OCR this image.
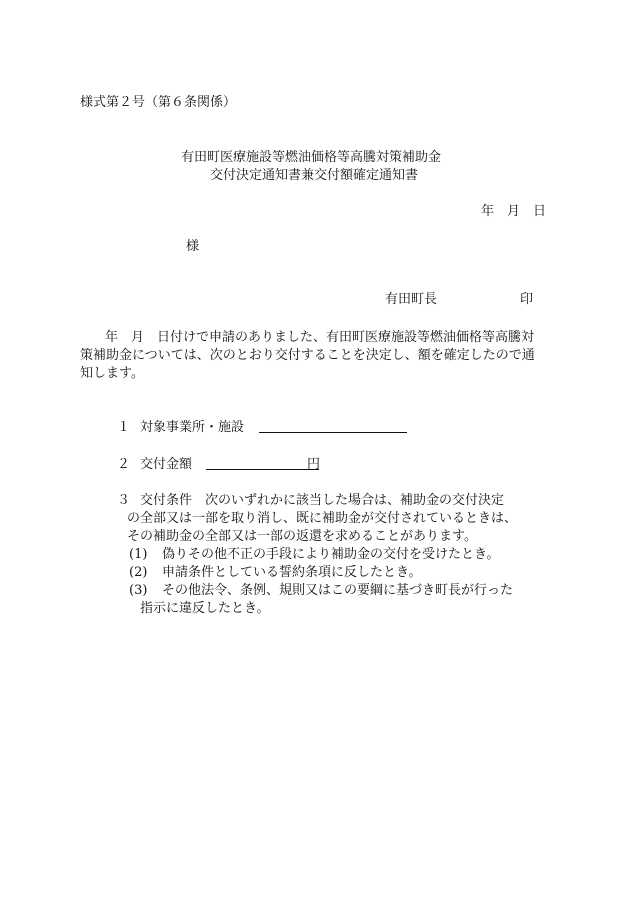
様式第２号（第６条関係）
有田町医療施設等燃油価格等高騰対策補助金
交付決定通知書兼交付額確定通知書
年　月　日
様
有田町長	印
年　月　日付けで申請のありました、有田町医療施設等燃油価格等高騰対
策補助金については、次のとおり交付することを決定し、額を確定したので通
知します。
１ 対象事業所・施設
２ 交付金額	円
３ 交付条件 次のいずれかに該当した場合は、補助金の交付決定
の全部又は一部を取り消し、既に補助金が交付されているときは、
その補助金の全部又は一部の返還を求めることがあります。
(1) 偽りその他不正の手段により補助金の交付を受けたとき。
(2) 申請条件としている誓約条項に反したとき。
(3) その他法令、条例、規則又はこの要綱に基づき町長が行った
指示に違反したとき。
